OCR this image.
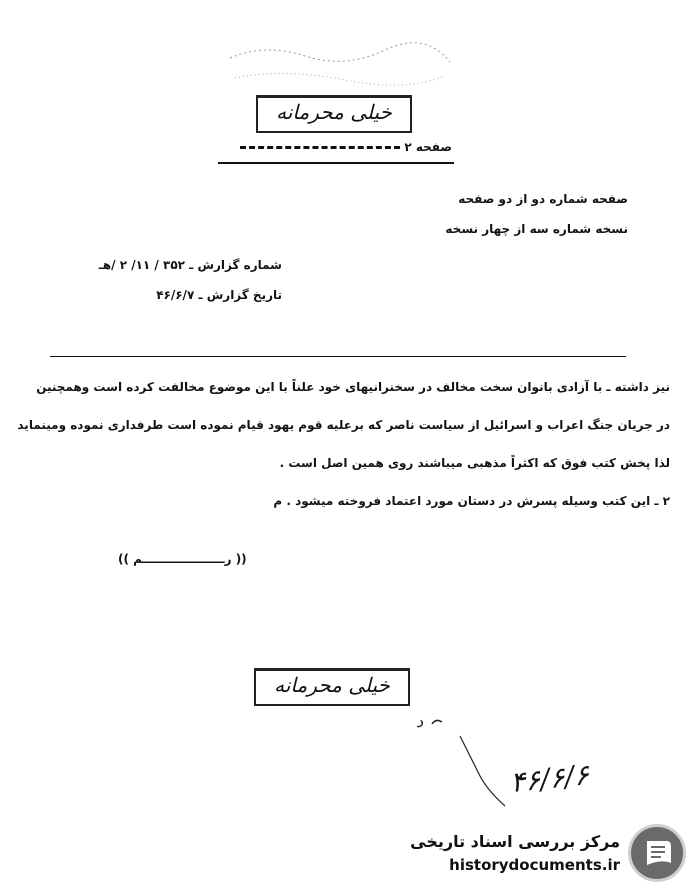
خیلی محرمانه
صفحه ۲
صفحه شماره دو از دو صفحه
نسخه شماره سه از چهار نسخه
شماره گزارش ـ ۳۵۲ / ۱۱/ ۲ /هـ
تاریخ گزارش ـ ۴۶/۶/۷
نیز داشته ـ با آزادی بانوان سخت مخالف در سخنرانیهای خود علناً با این موضوع مخالفت کرده است وهمچنین
در جریان جنگ اعراب و اسرائیل از سیاست ناصر که برعلیه قوم یهود قیام نموده است طرفداری نموده ومینماید
لذا پخش کتب فوق که اکثراً مذهبی میباشند روی همین اصل است .
۲ ـ این کتب وسیله پسرش در دستان مورد اعتماد فروخته میشود . م
(( رــــــــــــــــــــم ))
خیلی محرمانه
د
۴۶/۶/۶
مرکز بررسی اسناد تاریخی
historydocuments.ir
